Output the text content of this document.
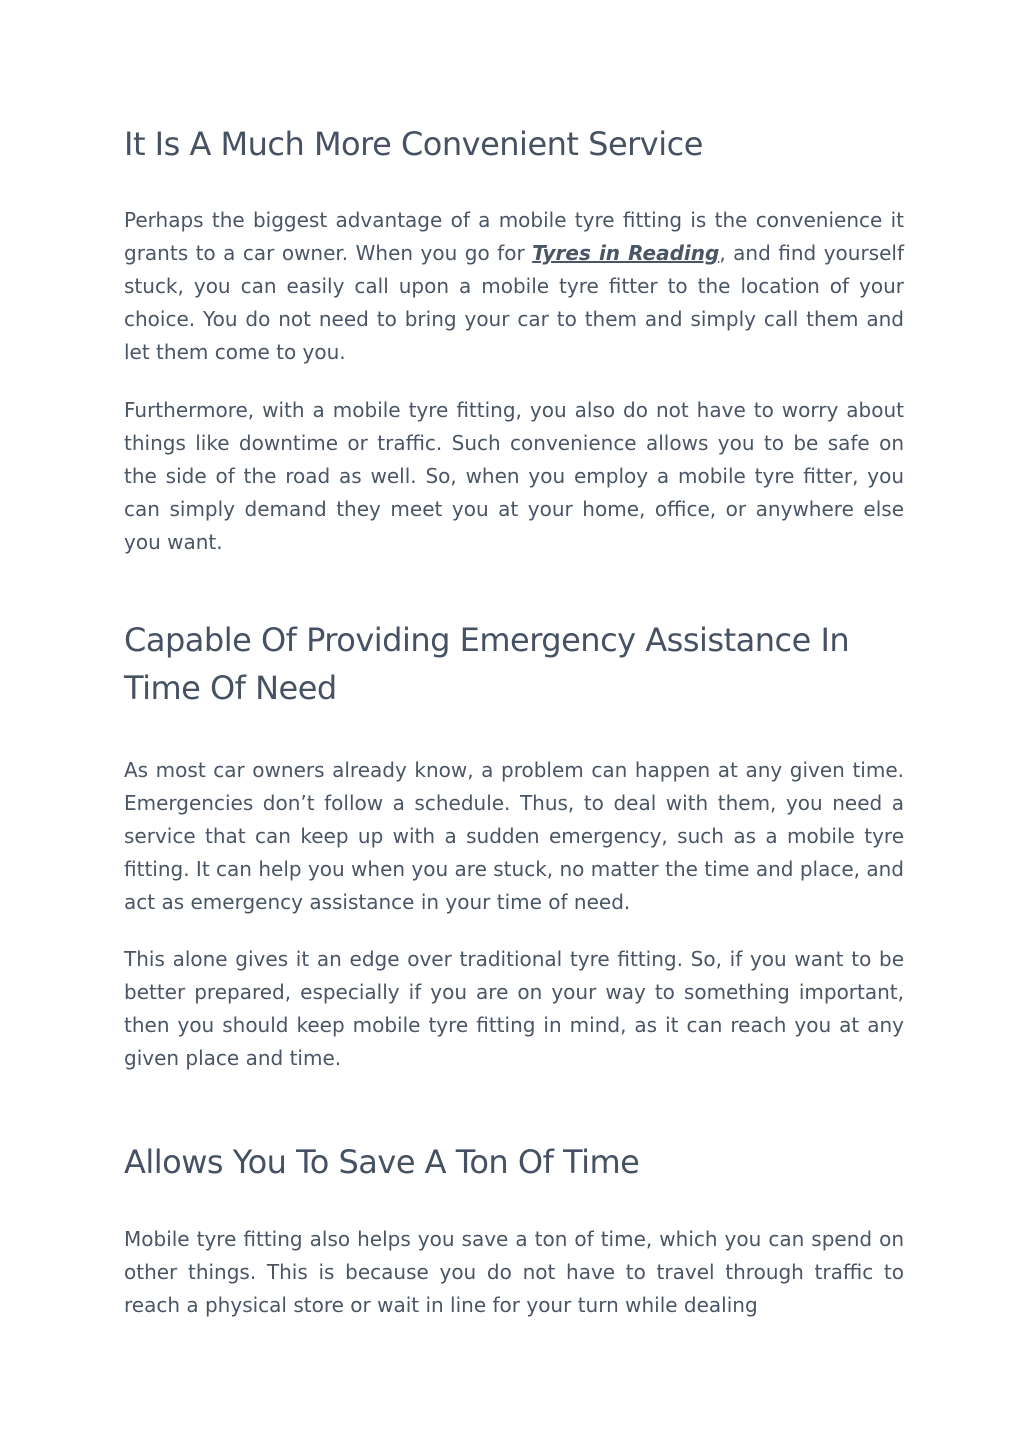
It Is A Much More Convenient Service

Perhaps the biggest advantage of a mobile tyre fitting is the convenience it grants to a car owner. When you go for Tyres in Reading, and find yourself stuck, you can easily call upon a mobile tyre fitter to the location of your choice. You do not need to bring your car to them and simply call them and let them come to you.

Furthermore, with a mobile tyre fitting, you also do not have to worry about things like downtime or traffic. Such convenience allows you to be safe on the side of the road as well. So, when you employ a mobile tyre fitter, you can simply demand they meet you at your home, office, or anywhere else you want.

Capable Of Providing Emergency Assistance In
Time Of Need

As most car owners already know, a problem can happen at any given time. Emergencies don’t follow a schedule. Thus, to deal with them, you need a service that can keep up with a sudden emergency, such as a mobile tyre fitting. It can help you when you are stuck, no matter the time and place, and act as emergency assistance in your time of need.

This alone gives it an edge over traditional tyre fitting. So, if you want to be better prepared, especially if you are on your way to something important, then you should keep mobile tyre fitting in mind, as it can reach you at any given place and time.

Allows You To Save A Ton Of Time

Mobile tyre fitting also helps you save a ton of time, which you can spend on other things. This is because you do not have to travel through traffic to reach a physical store or wait in line for your turn while dealing
